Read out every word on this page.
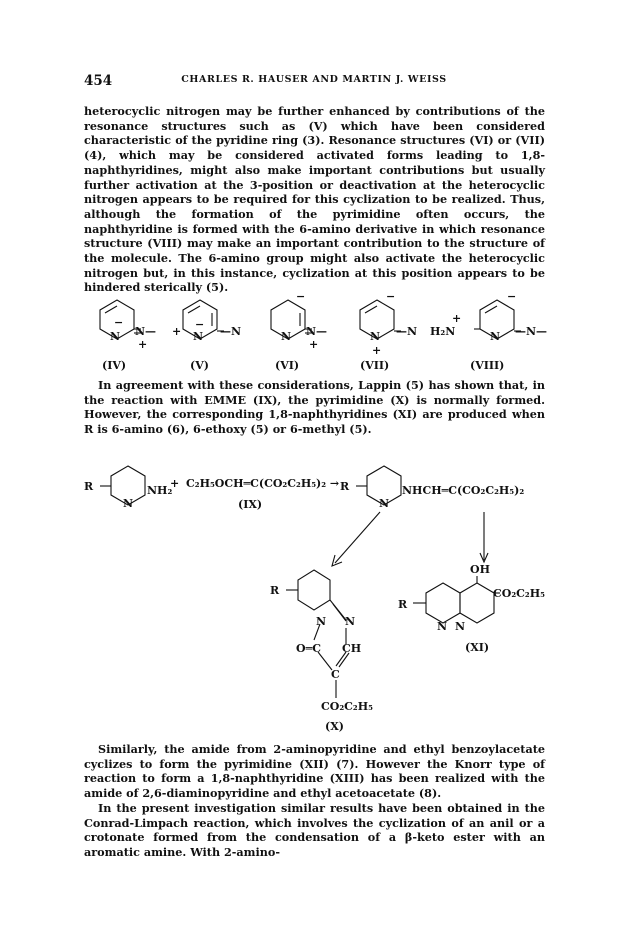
454	CHARLES R. HAUSER AND MARTIN J. WEISS

heterocyclic nitrogen may be further enhanced by contributions of the resonance structures such as (V) which have been considered characteristic of the pyridine ring (3). Resonance structures (VI) or (VII) (4), which may be considered activated forms leading to 1,8-naphthyridines, might also make important contributions but usually further activation at the 3-position or deactivation at the heterocyclic nitrogen appears to be required for this cyclization to be realized. Thus, although the formation of the pyrimidine often occurs, the naphthyridine is formed with the 6-amino derivative in which resonance structure (VIII) may make an important contribution to the structure of the molecule. The 6-amino group might also activate the heterocyclic nitrogen but, in this instance, cyclization at this position appears to be hindered sterically (5).

N N—
+
−
N
+	—N
−
N N—
+
−
N —N
+
−
H₂N
+
N —N—
−
(IV)	(V)	(VI)	(VII)	(VIII)

In agreement with these considerations, Lappin (5) has shown that, in the reaction with EMME (IX), the pyrimidine (X) is normally formed. However, the corresponding 1,8-naphthyridines (XI) are produced when R is 6-amino (6), 6-ethoxy (5) or 6-methyl (5).

R	NH₂
N
+ C₂H₅OCH═C(CO₂C₂H₅)₂ →
(IX)
R
N
NHCH═C(CO₂C₂H₅)₂
R
N N
O═C CH
C
CO₂C₂H₅
(X)
OH
CO₂C₂H₅
R
N N
(XI)

Similarly, the amide from 2-aminopyridine and ethyl benzoylacetate cyclizes to form the pyrimidine (XII) (7). However the Knorr type of reaction to form a 1,8-naphthyridine (XIII) has been realized with the amide of 2,6-diaminopyridine and ethyl acetoacetate (8).

In the present investigation similar results have been obtained in the Conrad-Limpach reaction, which involves the cyclization of an anil or a crotonate formed from the condensation of a β-keto ester with an aromatic amine. With 2-amino-
